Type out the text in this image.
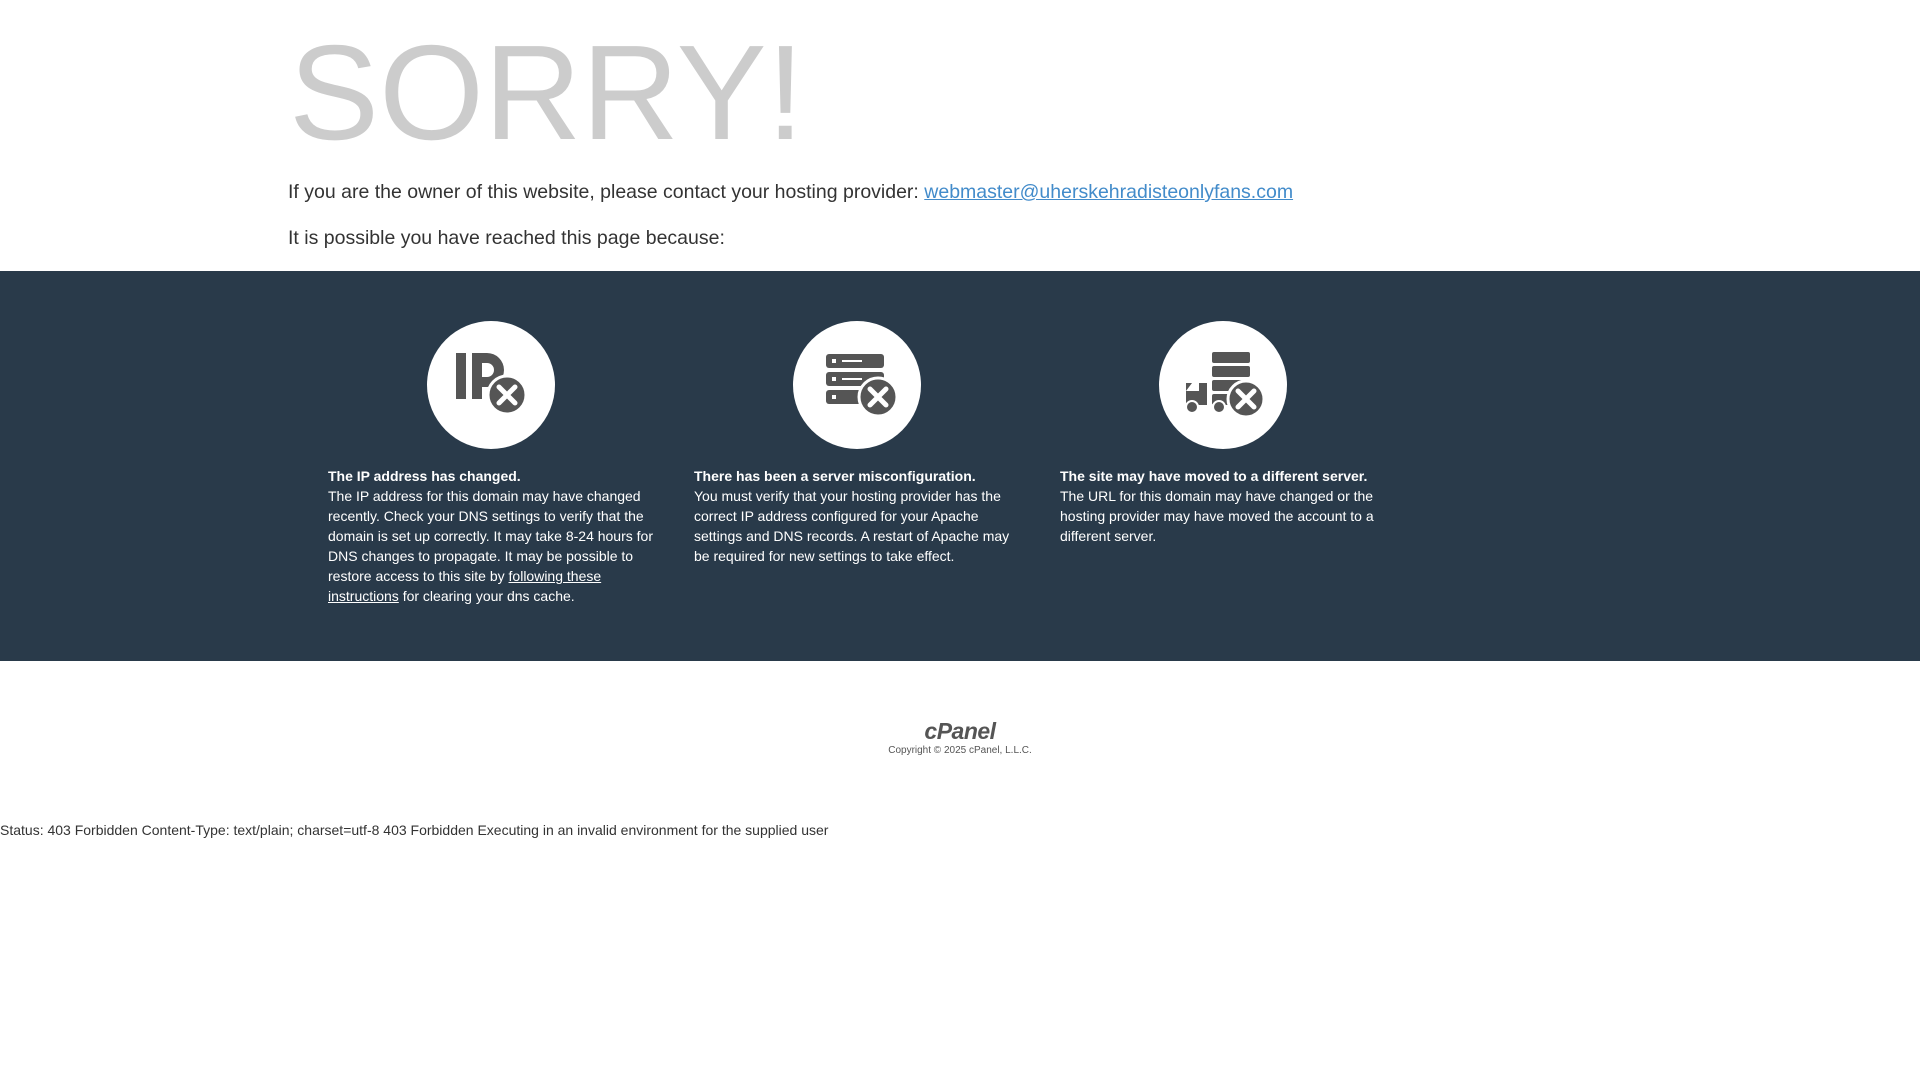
SORRY!
If you are the owner of this website, please contact your hosting provider: webmaster@uherskehradisteonlyfans.com
It is possible you have reached this page because:
The IP address has changed.

The IP address for this domain may have changed recently. Check your DNS settings to verify that the domain is set up correctly. It may take 8-24 hours for DNS changes to propagate. It may be possible to restore access to this site by following these instructions for clearing your dns cache.

There has been a server misconfiguration.

You must verify that your hosting provider has the correct IP address configured for your Apache settings and DNS records. A restart of Apache may be required for new settings to take effect.

The site may have moved to a different server.

The URL for this domain may have changed or the hosting provider may have moved the account to a different server.

cPanel
Copyright © 2025 cPanel, L.L.C.
Status: 403 Forbidden Content-Type: text/plain; charset=utf-8 403 Forbidden Executing in an invalid environment for the supplied user
